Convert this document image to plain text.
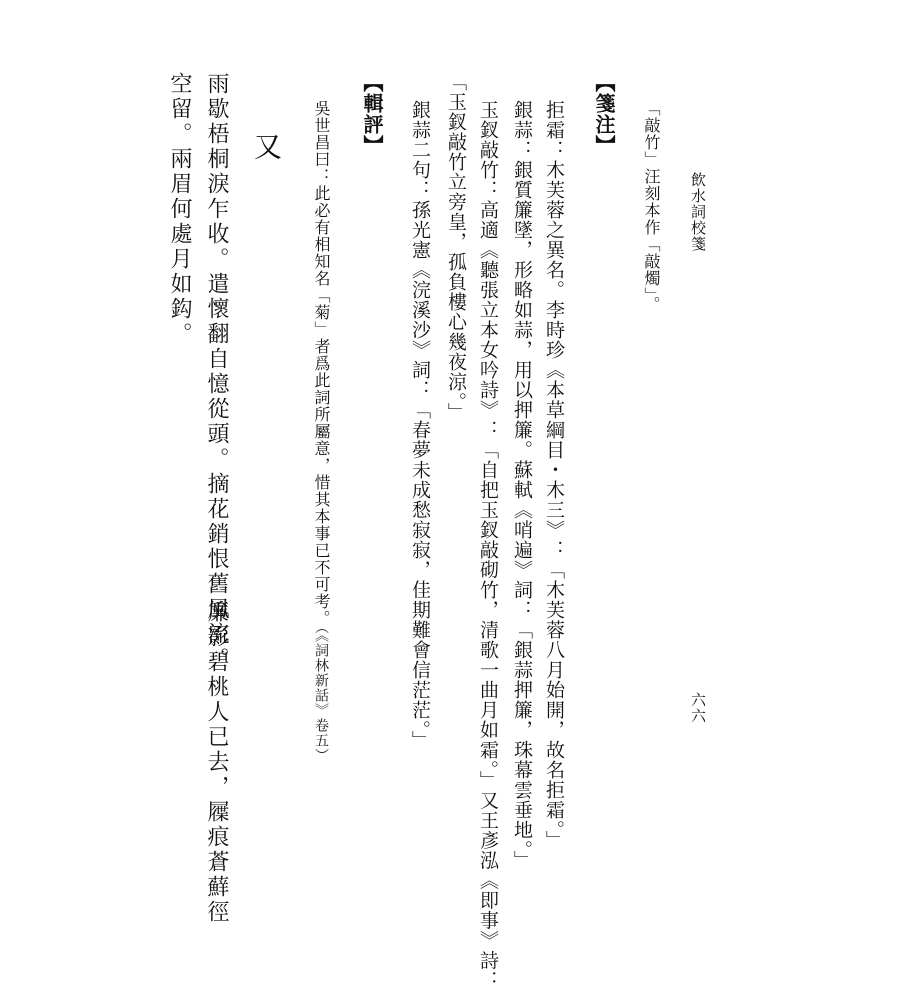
飲水詞校箋
六六
「敲竹」汪刻本作「敲燭」。
【箋注】
拒霜：木芙蓉之異名。李時珍《本草綱目・木三》：「木芙蓉八月始開，故名拒霜。」
銀蒜：銀質簾墜，形略如蒜，用以押簾。蘇軾《哨遍》詞：「銀蒜押簾，珠幕雲垂地。」
玉釵敲竹：高適《聽張立本女吟詩》：「自把玉釵敲砌竹，清歌一曲月如霜。」又王彥泓《即事》詩：
「玉釵敲竹立旁皇，孤負樓心幾夜涼。」
銀蒜二句：孫光憲《浣溪沙》詞：「春夢未成愁寂寂，佳期難會信茫茫。」
【輯評】
吳世昌曰：此必有相知名「菊」者爲此詞所屬意，惜其本事已不可考。（《詞林新話》卷五）
又
雨歇梧桐淚乍收。遣懷翻自憶從頭。摘花銷恨舊風流。
簾影碧桃人已去，屧痕蒼蘚徑
空留。兩眉何處月如鈎。
